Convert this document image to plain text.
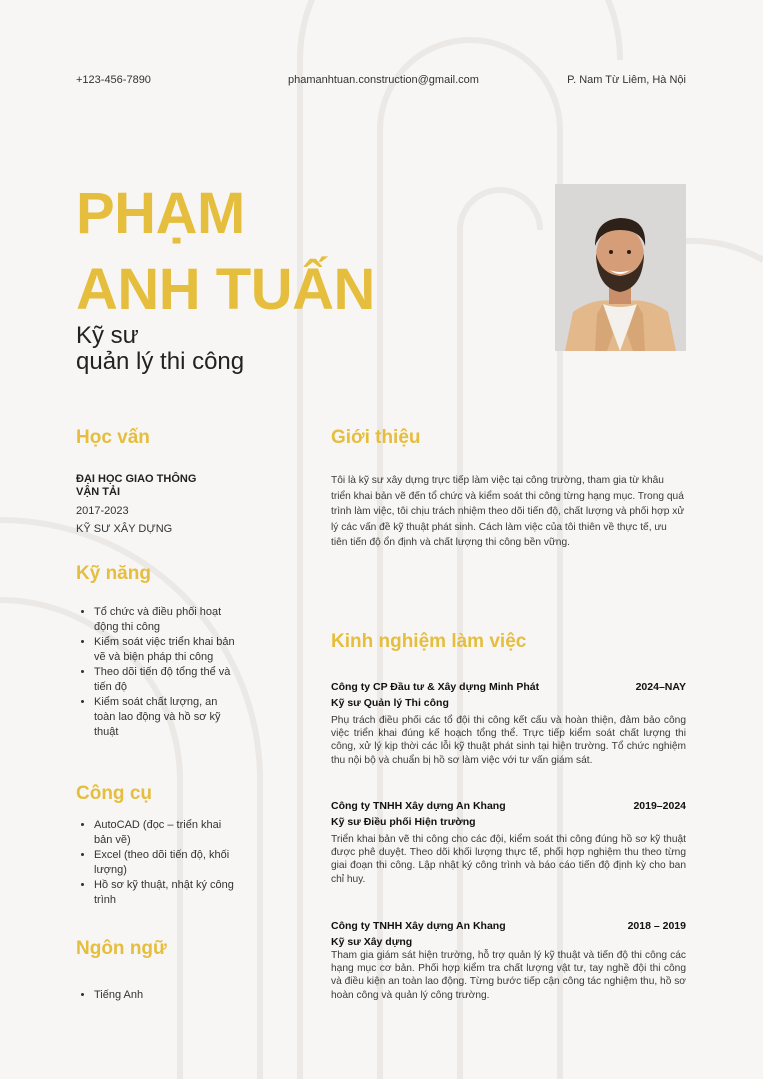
+123-456-7890	phamanhtuan.construction@gmail.com	P. Nam Từ Liêm, Hà Nội
PHẠM
ANH TUẤN
Kỹ sư
quản lý thi công
Học vấn
ĐẠI HỌC GIAO THÔNG VẬN TẢI
2017-2023
KỸ SƯ XÂY DỰNG
Kỹ năng
• Tổ chức và điều phối hoạt động thi công
• Kiểm soát việc triển khai bản vẽ và biện pháp thi công
• Theo dõi tiến độ tổng thể và tiến độ
• Kiểm soát chất lượng, an toàn lao động và hồ sơ kỹ thuật
Công cụ
• AutoCAD (đọc – triển khai bản vẽ)
• Excel (theo dõi tiến độ, khối lượng)
• Hồ sơ kỹ thuật, nhật ký công trình
Ngôn ngữ
• Tiếng Anh
Giới thiệu
Tôi là kỹ sư xây dựng trực tiếp làm việc tại công trường, tham gia từ khâu triển khai bản vẽ đến tổ chức và kiểm soát thi công từng hạng mục. Trong quá trình làm việc, tôi chịu trách nhiệm theo dõi tiến độ, chất lượng và phối hợp xử lý các vấn đề kỹ thuật phát sinh. Cách làm việc của tôi thiên về thực tế, ưu tiên tiến độ ổn định và chất lượng thi công bền vững.
Kinh nghiệm làm việc
Công ty CP Đầu tư & Xây dựng Minh Phát	2024–NAY
Kỹ sư Quản lý Thi công
Phụ trách điều phối các tổ đội thi công kết cấu và hoàn thiện, đảm bảo công việc triển khai đúng kế hoạch tổng thể. Trực tiếp kiểm soát chất lượng thi công, xử lý kịp thời các lỗi kỹ thuật phát sinh tại hiện trường. Tổ chức nghiệm thu nội bộ và chuẩn bị hồ sơ làm việc với tư vấn giám sát.
Công ty TNHH Xây dựng An Khang	2019–2024
Kỹ sư Điều phối Hiện trường
Triển khai bản vẽ thi công cho các đội, kiểm soát thi công đúng hồ sơ kỹ thuật được phê duyệt. Theo dõi khối lượng thực tế, phối hợp nghiệm thu theo từng giai đoạn thi công. Lập nhật ký công trình và báo cáo tiến độ định kỳ cho ban chỉ huy.
Công ty TNHH Xây dựng An Khang	2018 – 2019
Kỹ sư Xây dựng
Tham gia giám sát hiện trường, hỗ trợ quản lý kỹ thuật và tiến độ thi công các hạng mục cơ bản. Phối hợp kiểm tra chất lượng vật tư, tay nghề đội thi công và điều kiện an toàn lao động. Từng bước tiếp cận công tác nghiệm thu, hồ sơ hoàn công và quản lý công trường.
